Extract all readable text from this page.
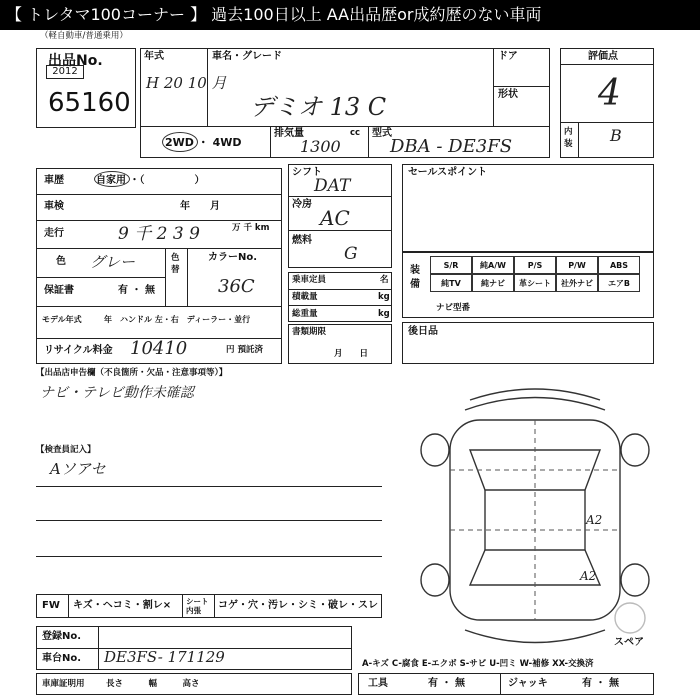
【 トレタマ100コーナー 】 過去100日以上 AA出品歴or成約歴のない車両
（軽自動車/普通乗用）
出品No.
2012
65160
年式
H 20 10 月
車名・グレード
デミオ 13 C
ドア
形状
2WD ・ 4WD
排気量	cc
1300
型式
DBA - DE3FS
評価点
4
内 装 B
車歴	自家用 ・（　　　　　）
車検	年　　月
走行	9 千 2 3 9	万 千 km
色 グレー	色替
保証書	有 ・ 無
カラーNo.
36C
モデル年式	年　ハンドル 左・右　ディーラー・並行
リサイクル料金 10410	円 預託済
シフト
DAT
冷房
AC
燃料
G
乗車定員	名
積載量	kg
総重量	kg
書類期限
月　　日
セールスポイント
装備
S/R	純A/W	P/S	P/W	ABS
純TV	純ナビ	革シート	社外ナビ	エアB
ナビ型番
後日品
【出品店申告欄（不良箇所・欠品・注意事項等）】
ナビ・テレビ動作未確認
【検査員記入】
Aソアセ
A2
A2
スペア
FW キズ・ヘコミ・割レ× シート 内張	コゲ・穴・汚レ・シミ・破レ・スレ
登録No.
車台No. DE3FS- 171129
車庫証明用	長さ　　　幅　　　高さ
A-キズ C-腐食 E-エクボ S-サビ U-凹ミ W-補修 XX-交換済
工具	有 ・ 無	ジャッキ	有 ・ 無
